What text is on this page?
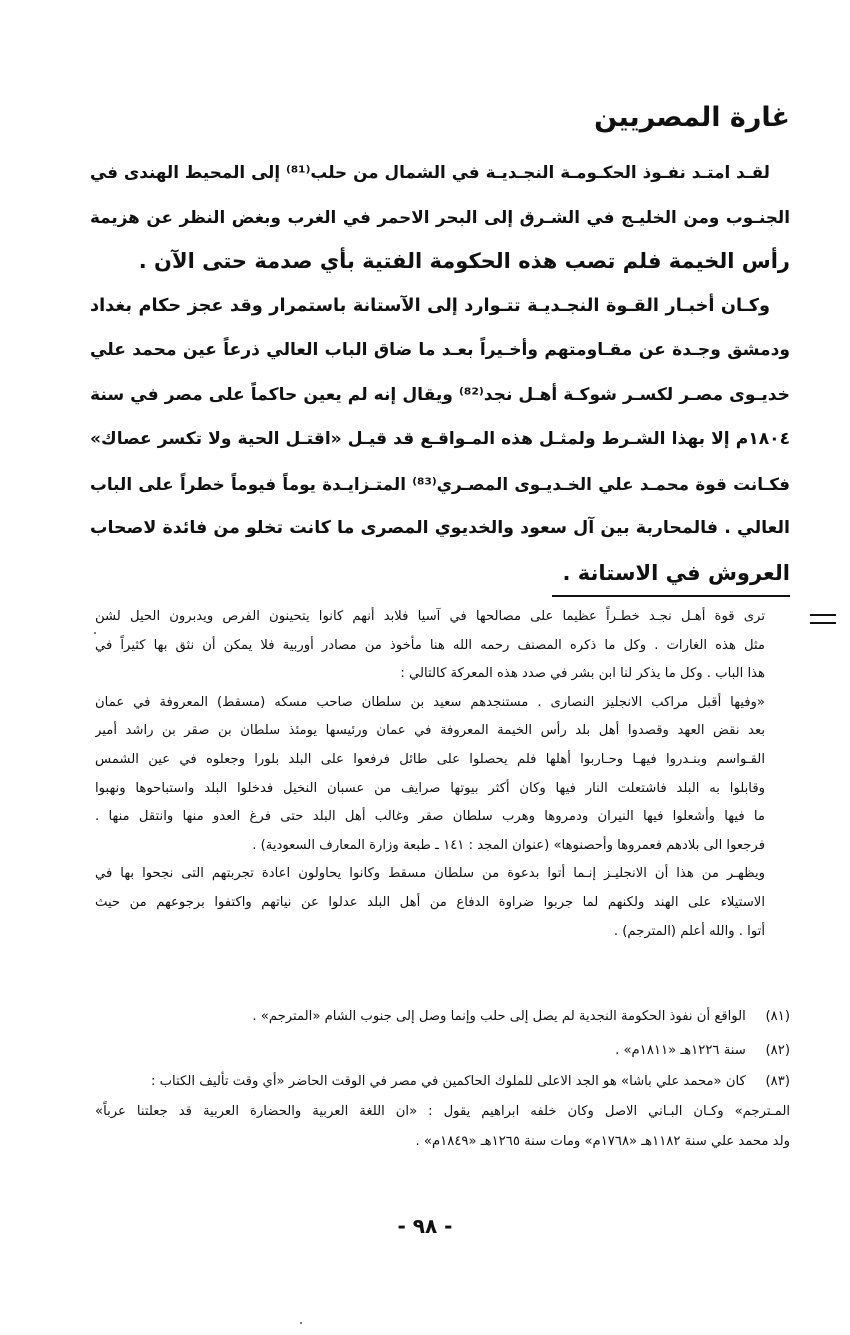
غارة المصريين
لقـد امتـد نفـوذ الحكـومـة النجـديـة في الشمال من حلب⁽⁸¹⁾ إلى المحيط الهندى في
الجنـوب ومن الخليـج في الشـرق إلى البحر الاحمر في الغرب وبغض النظر عن هزيمة
رأس الخيمة فلم تصب هذه الحكومة الفتية بأي صدمة حتى الآن .
وكـان أخبـار القـوة النجـديـة تتـوارد إلى الآستانة باستمرار وقد عجز حكام بغداد
ودمشق وجـدة عن مقـاومتهم وأخـيراً بعـد ما ضاق الباب العالي ذرعاً عين محمد علي
خديـوى مصـر لكسـر شوكـة أهـل نجد⁽⁸²⁾ ويقال إنه لم يعين حاكماً على مصر في سنة
١٨٠٤م إلا بهذا الشـرط ولمثـل هذه المـواقـع قد قيـل «اقتـل الحية ولا تكسر عصاك»
فكـانت قوة محمـد علي الخـديـوى المصـري⁽⁸³⁾ المتـزايـدة يوماً فيوماً خطراً على الباب
العالي . فالمحاربة بين آل سعود والخديوي المصرى ما كانت تخلو من فائدة لاصحاب
العروش في الاستانة .
ترى قوة أهـل نجـد خطـراً عظيما على مصالحها في آسيا فلابد أنهم كانوا يتحينون الفرص ويدبرون الحيل لشن
مثل هذه الغارات . وكل ما ذكره المصنف رحمه الله هنا مأخوذ من مصادر أوربية فلا يمكن أن نثق بها كثيراً في
هذا الباب . وكل ما يذكر لنا ابن بشر في صدد هذه المعركة كالتالي :
«وفيها أقبل مراكب الانجليز النصارى . مستنجدهم سعيد بن سلطان صاحب مسكه (مسقط) المعروفة في عمان
بعد نقض العهد وقصدوا أهل بلد رأس الخيمة المعروفة في عمان ورئيسها يومئذ سلطان بن صقر بن راشد أمير
القـواسم وبنـدروا فيهـا وحـاربوا أهلها فلم يحصلوا على طائل فرفعوا على البلد بلورا وجعلوه في عين الشمس
وقابلوا به البلد فاشتعلت النار فيها وكان أكثر بيوتها صرايف من عسبان النخيل فدخلوا البلد واستباحوها ونهبوا
ما فيها وأشعلوا فيها النيران ودمروها وهرب سلطان صقر وغالب أهل البلد حتى فرغ العدو منها وانتقل منها .
فرجعوا الى بلادهم فعمروها وأحصنوها» (عنوان المجد : ١٤١ ـ طبعة وزارة المعارف السعودية) .
ويظهـر من هذا أن الانجليـز إنـما أتوا بدعوة من سلطان مسقط وكانوا يحاولون اعادة تجربتهم التى نجحوا بها في
الاستيلاء على الهند ولكنهم لما جربوا ضراوة الدفاع من أهل البلد عدلوا عن نياتهم واكتفوا برجوعهم من حيث
أتوا . والله أعلم (المترجم) .
(٨١) الواقع أن نفوذ الحكومة النجدية لم يصل إلى حلب وإنما وصل إلى جنوب الشام «المترجم» .
(٨٢) سنة ١٢٢٦هـ «١٨١١م» .
(٨٣) كان «محمد علي باشا» هو الجد الاعلى للملوك الحاكمين في مصر في الوقت الحاضر «أي وقت تأليف الكتاب :
المـترجم» وكـان البـاني الاصل وكان خلفه ابراهيم يقول : «ان اللغة العربية والحضارة العربية قد جعلتنا عرباً»
ولد محمد علي سنة ١١٨٢هـ «١٧٦٨م» ومات سنة ١٢٦٥هـ «١٨٤٩م» .
- ٩٨ -
